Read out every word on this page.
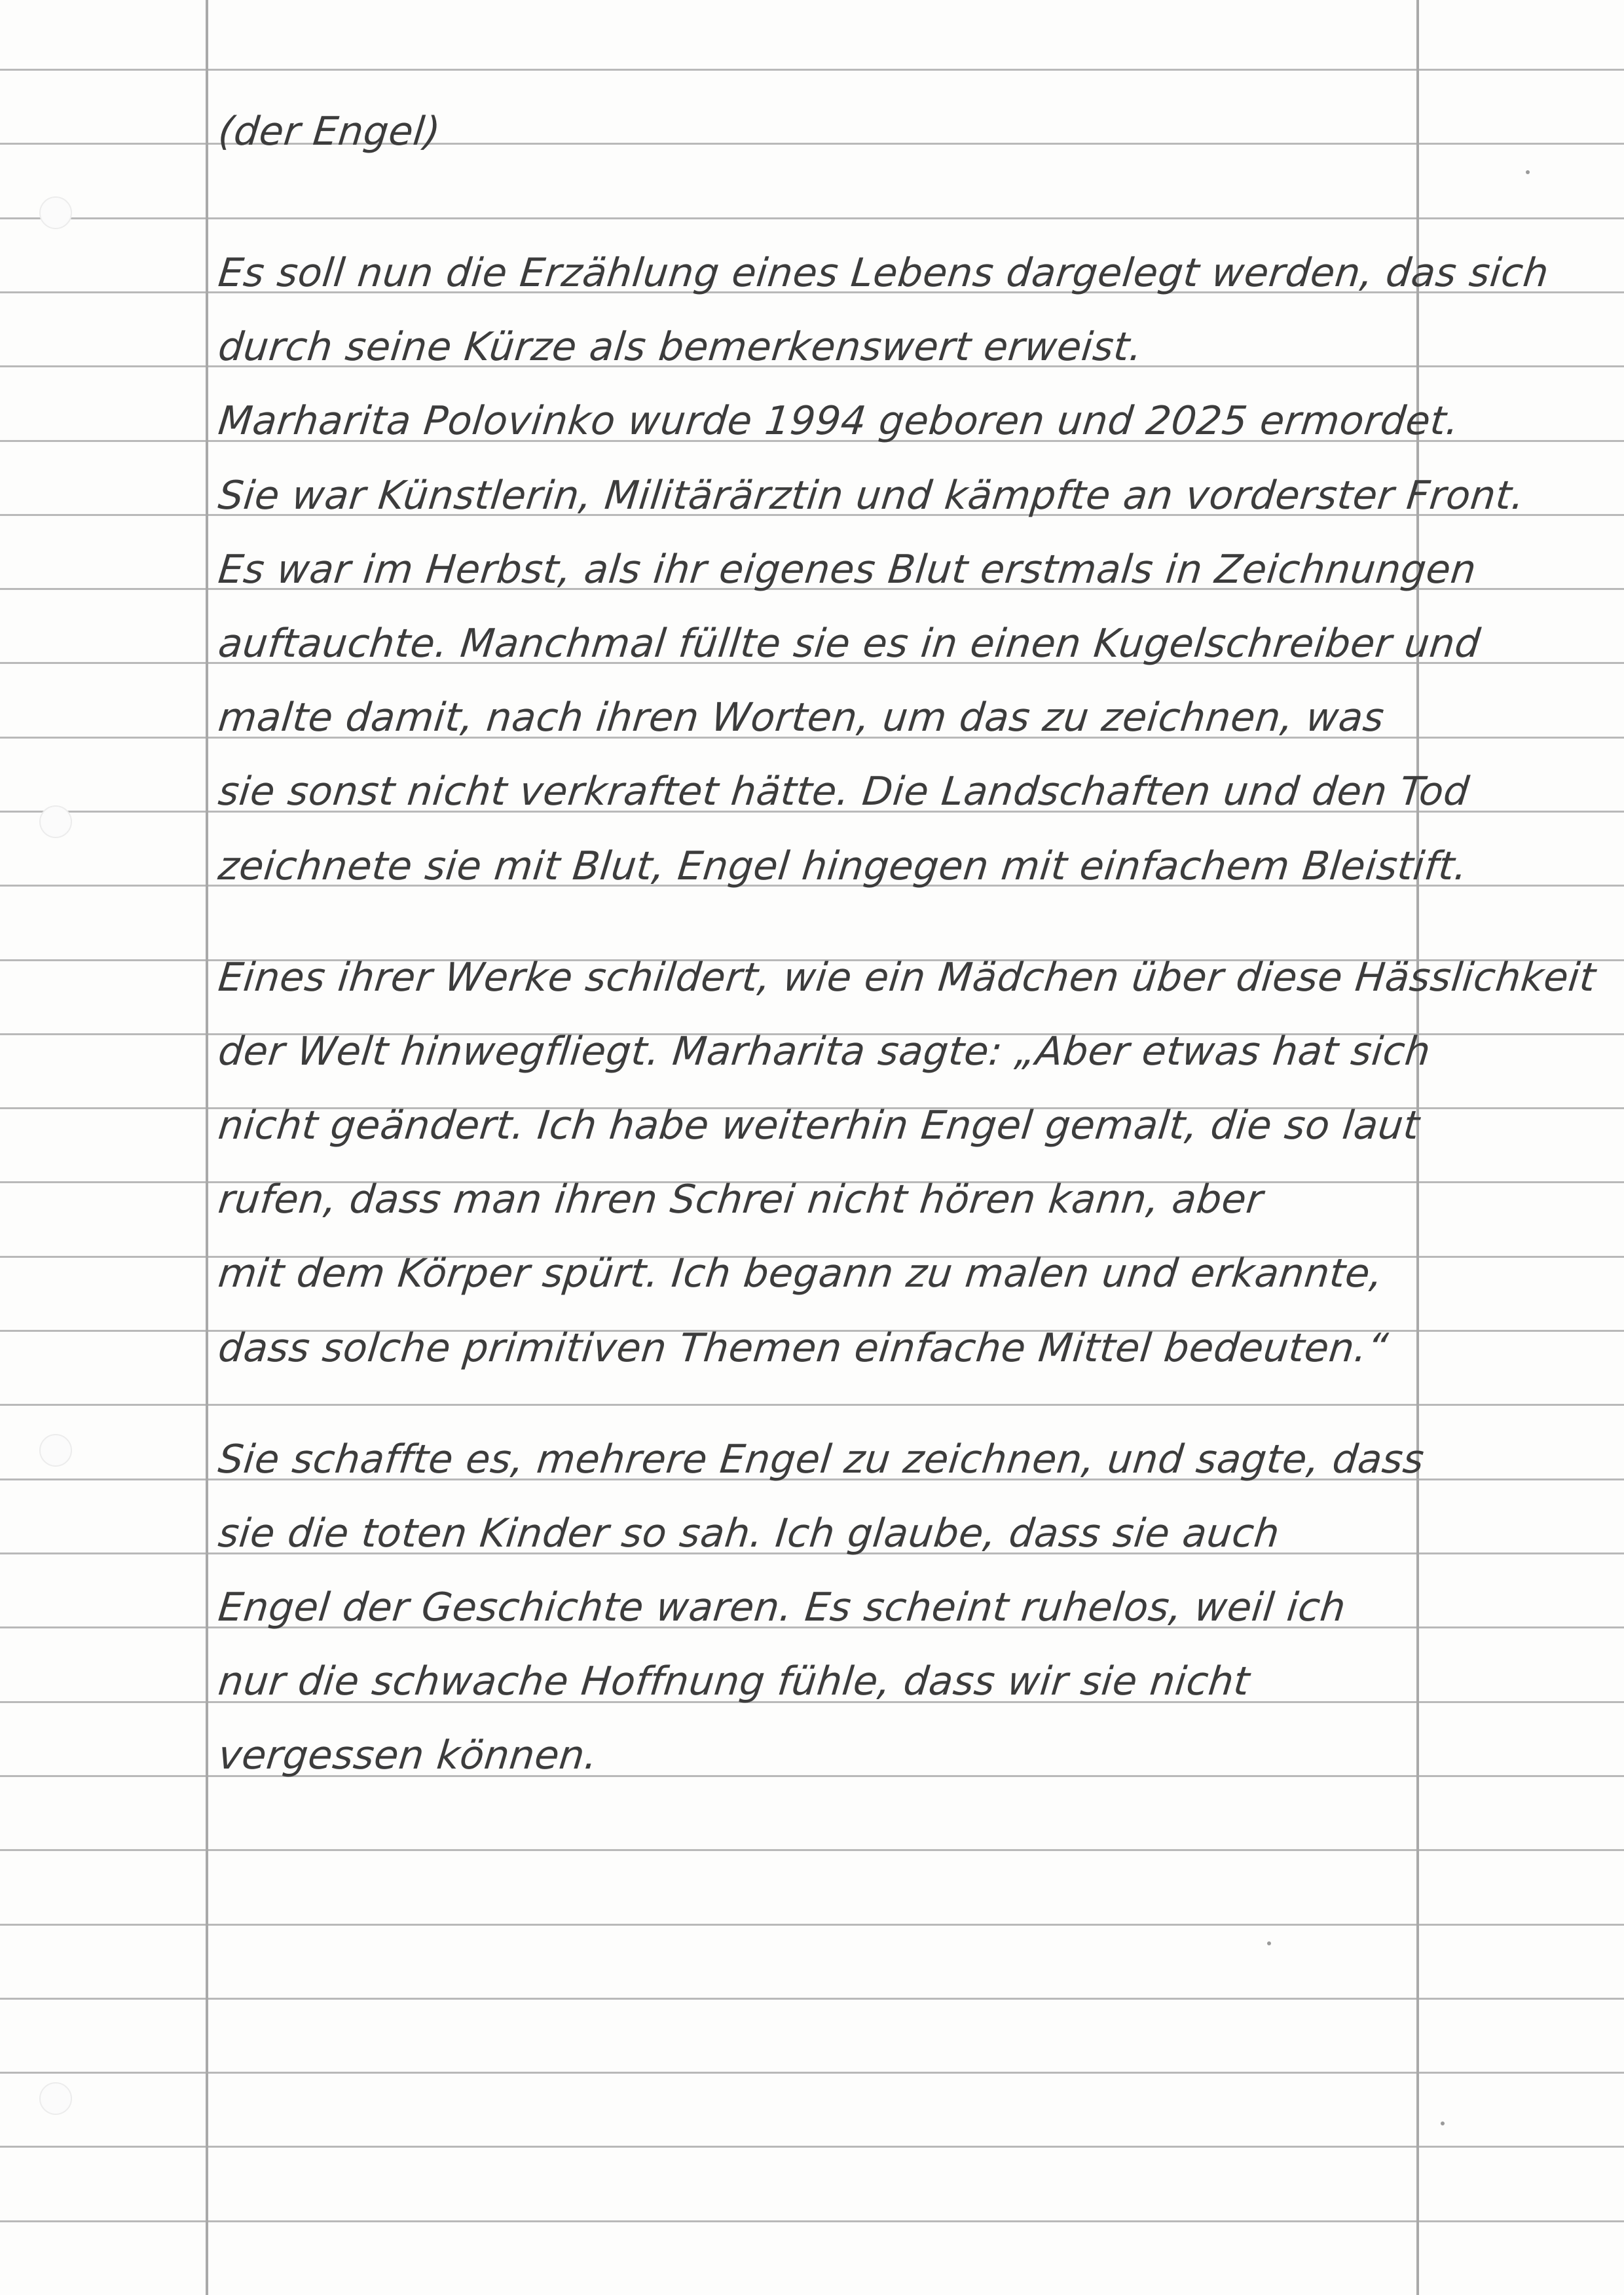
(der Engel)
Es soll nun die Erzählung eines Lebens dargelegt werden, das sich
durch seine Kürze als bemerkenswert erweist.
Marharita Polovinko wurde 1994 geboren und 2025 ermordet.
Sie war Künstlerin, Militärärztin und kämpfte an vorderster Front.
Es war im Herbst, als ihr eigenes Blut erstmals in Zeichnungen
auftauchte. Manchmal füllte sie es in einen Kugelschreiber und
malte damit, nach ihren Worten, um das zu zeichnen, was
sie sonst nicht verkraftet hätte. Die Landschaften und den Tod
zeichnete sie mit Blut, Engel hingegen mit einfachem Bleistift.
Eines ihrer Werke schildert, wie ein Mädchen über diese Hässlichkeit
der Welt hinwegfliegt. Marharita sagte: „Aber etwas hat sich
nicht geändert. Ich habe weiterhin Engel gemalt, die so laut
rufen, dass man ihren Schrei nicht hören kann, aber
mit dem Körper spürt. Ich begann zu malen und erkannte,
dass solche primitiven Themen einfache Mittel bedeuten.“
Sie schaffte es, mehrere Engel zu zeichnen, und sagte, dass
sie die toten Kinder so sah. Ich glaube, dass sie auch
Engel der Geschichte waren. Es scheint ruhelos, weil ich
nur die schwache Hoffnung fühle, dass wir sie nicht
vergessen können.
